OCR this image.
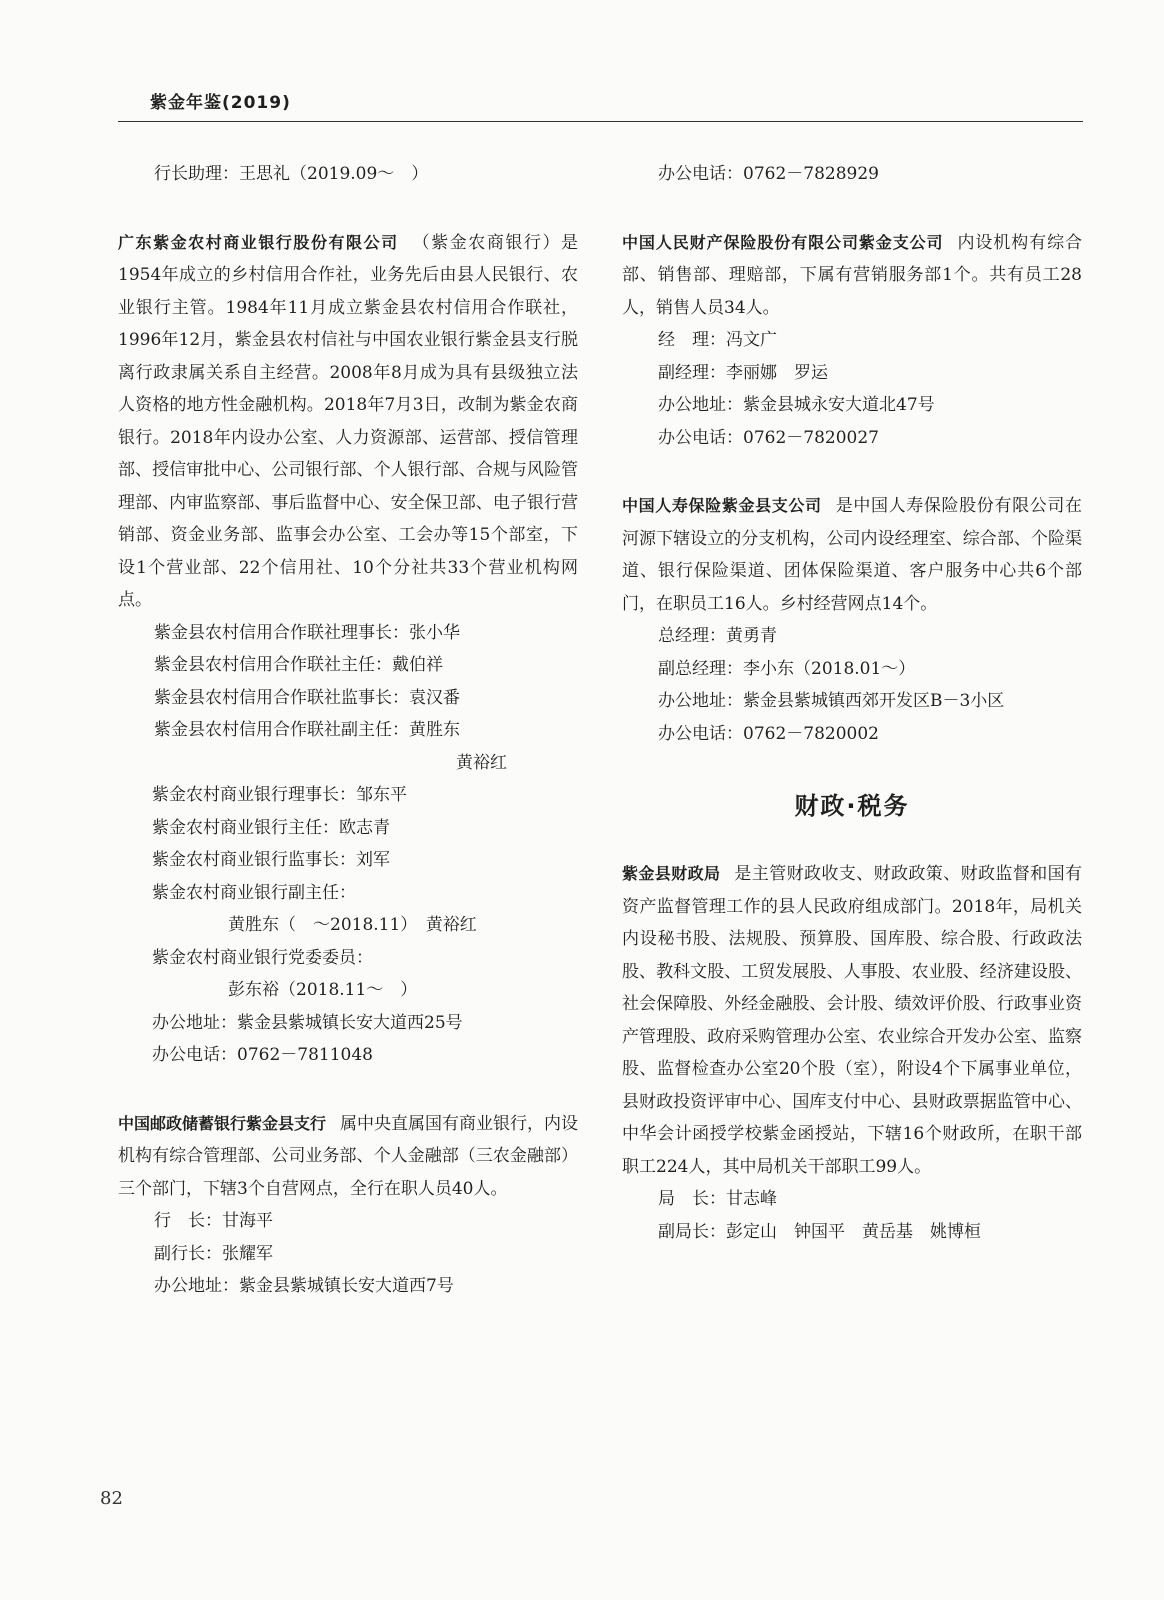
紫金年鉴(2019)

行长助理：王思礼（2019.09～　）

广东紫金农村商业银行股份有限公司 （紫金农商银行）是1954年成立的乡村信用合作社，业务先后由县人民银行、农业银行主管。1984年11月成立紫金县农村信用合作联社，1996年12月，紫金县农村信社与中国农业银行紫金县支行脱离行政隶属关系自主经营。2008年8月成为具有县级独立法人资格的地方性金融机构。2018年7月3日，改制为紫金农商银行。2018年内设办公室、人力资源部、运营部、授信管理部、授信审批中心、公司银行部、个人银行部、合规与风险管理部、内审监察部、事后监督中心、安全保卫部、电子银行营销部、资金业务部、监事会办公室、工会办等15个部室，下设1个营业部、22个信用社、10个分社共33个营业机构网点。

紫金县农村信用合作联社理事长：张小华

紫金县农村信用合作联社主任：戴伯祥

紫金县农村信用合作联社监事长：袁汉番

紫金县农村信用合作联社副主任：黄胜东

黄裕红

紫金农村商业银行理事长：邹东平

紫金农村商业银行主任：欧志青

紫金农村商业银行监事长：刘军

紫金农村商业银行副主任：

黄胜东（　～2018.11）　黄裕红

紫金农村商业银行党委委员：

彭东裕（2018.11～　）

办公地址：紫金县紫城镇长安大道西25号

办公电话：0762－7811048

中国邮政储蓄银行紫金县支行 属中央直属国有商业银行，内设机构有综合管理部、公司业务部、个人金融部（三农金融部）三个部门，下辖3个自营网点，全行在职人员40人。

行　长：甘海平

副行长：张耀军

办公地址：紫金县紫城镇长安大道西7号

办公电话：0762－7828929

中国人民财产保险股份有限公司紫金支公司 内设机构有综合部、销售部、理赔部，下属有营销服务部1个。共有员工28人，销售人员34人。

经　理：冯文广

副经理：李丽娜　罗运

办公地址：紫金县城永安大道北47号

办公电话：0762－7820027

中国人寿保险紫金县支公司 是中国人寿保险股份有限公司在河源下辖设立的分支机构，公司内设经理室、综合部、个险渠道、银行保险渠道、团体保险渠道、客户服务中心共6个部门，在职员工16人。乡村经营网点14个。

总经理：黄勇青

副总经理：李小东（2018.01～）

办公地址：紫金县紫城镇西郊开发区B－3小区

办公电话：0762－7820002

财政·税务

紫金县财政局 是主管财政收支、财政政策、财政监督和国有资产监督管理工作的县人民政府组成部门。2018年，局机关内设秘书股、法规股、预算股、国库股、综合股、行政政法股、教科文股、工贸发展股、人事股、农业股、经济建设股、社会保障股、外经金融股、会计股、绩效评价股、行政事业资产管理股、政府采购管理办公室、农业综合开发办公室、监察股、监督检查办公室20个股（室），附设4个下属事业单位，县财政投资评审中心、国库支付中心、县财政票据监管中心、中华会计函授学校紫金函授站，下辖16个财政所，在职干部职工224人，其中局机关干部职工99人。

局　长：甘志峰

副局长：彭定山　钟国平　黄岳基　姚博桓

82
